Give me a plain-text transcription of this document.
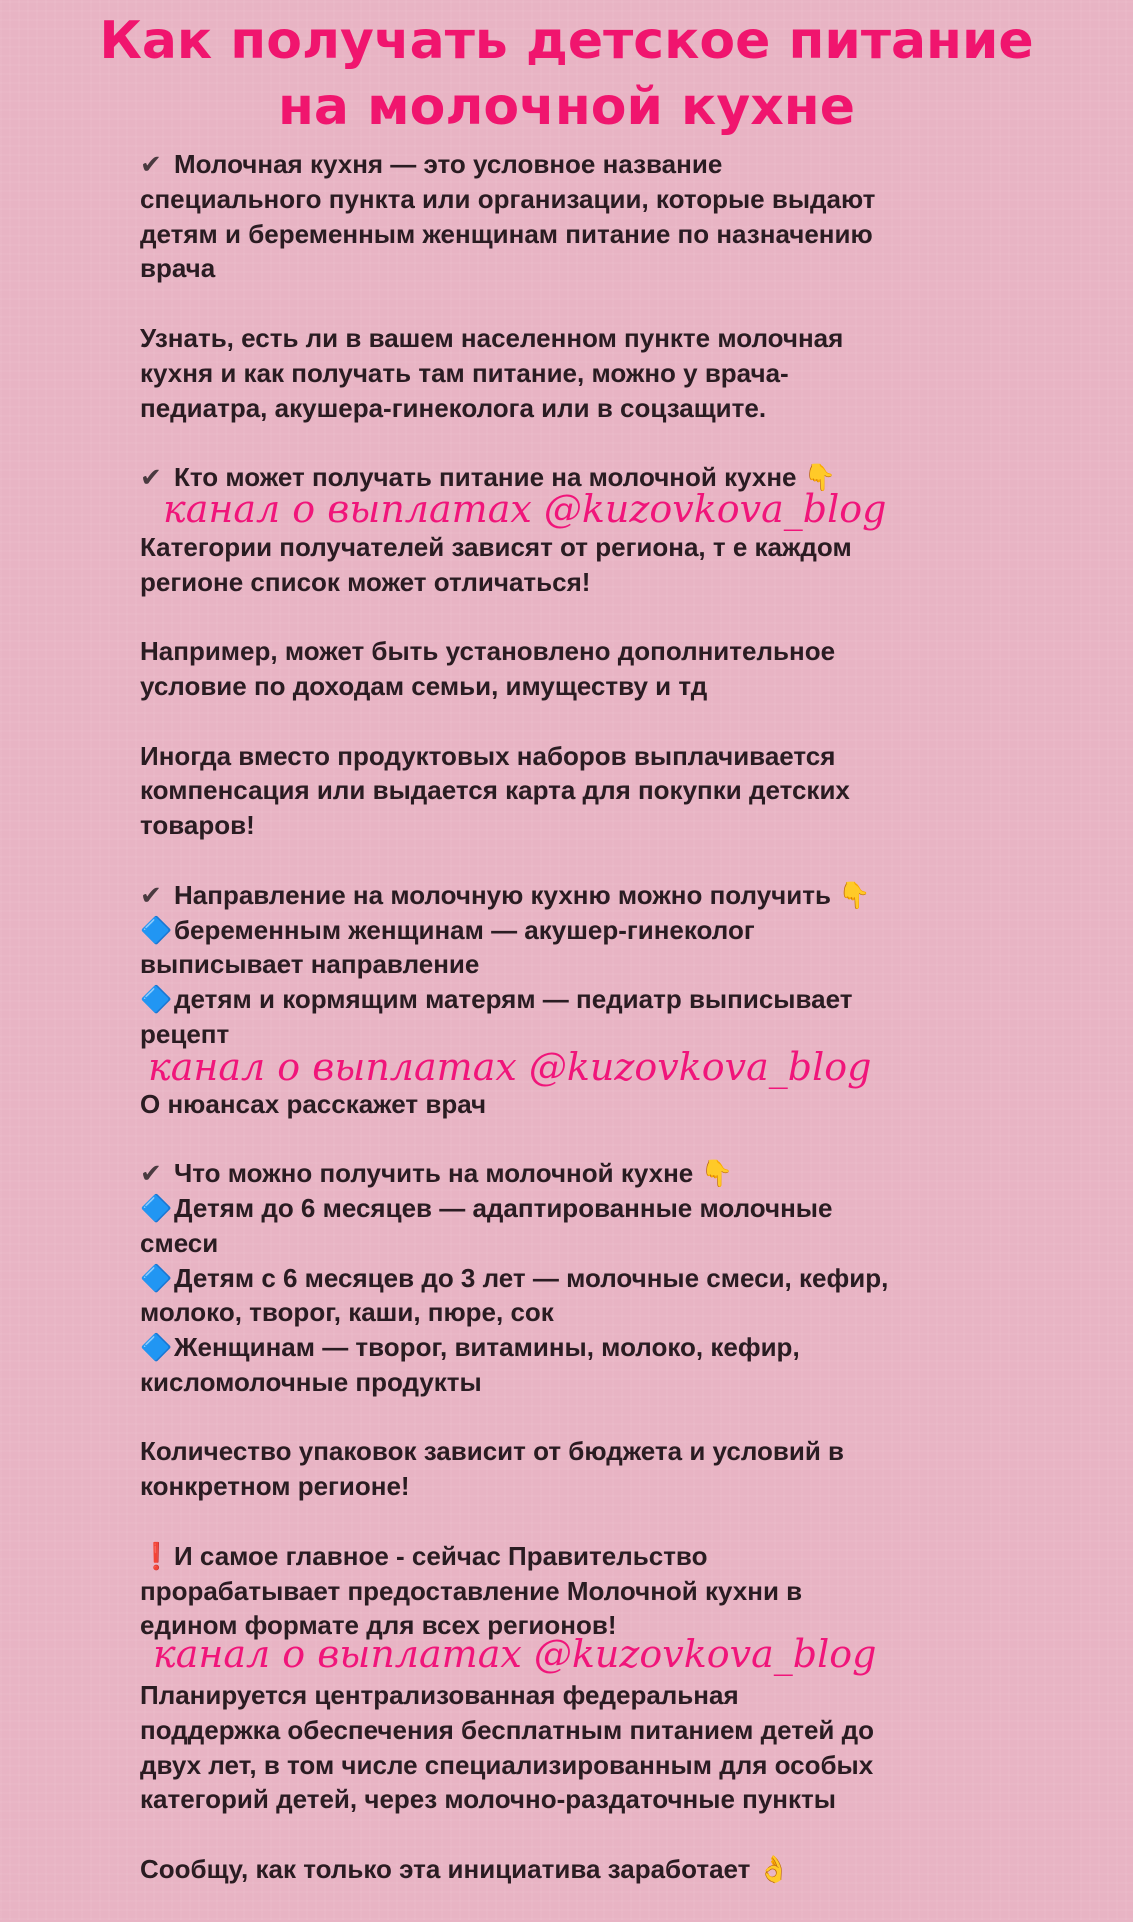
Как получать детское питание
на молочной кухне

✔ Молочная кухня — это условное название
специального пункта или организации, которые выдают
детям и беременным женщинам питание по назначению
врача

Узнать, есть ли в вашем населенном пункте молочная
кухня и как получать там питание, можно у врача-
педиатра, акушера-гинеколога или в соцзащите.

✔ Кто может получать питание на молочной кухне 👇

Категории получателей зависят от региона, т е каждом
регионе список может отличаться!

Например, может быть установлено дополнительное
условие по доходам семьи, имуществу и тд

Иногда вместо продуктовых наборов выплачивается
компенсация или выдается карта для покупки детских
товаров!

✔ Направление на молочную кухню можно получить 👇
🔷беременным женщинам — акушер-гинеколог
выписывает направление
🔷детям и кормящим матерям — педиатр выписывает
рецепт

О нюансах расскажет врач

✔ Что можно получить на молочной кухне 👇
🔷Детям до 6 месяцев — адаптированные молочные
смеси
🔷Детям с 6 месяцев до 3 лет — молочные смеси, кефир,
молоко, творог, каши, пюре, сок
🔷Женщинам — творог, витамины, молоко, кефир,
кисломолочные продукты

Количество упаковок зависит от бюджета и условий в
конкретном регионе!

❗И самое главное - сейчас Правительство
прорабатывает предоставление Молочной кухни в
едином формате для всех регионов!

Планируется централизованная федеральная
поддержка обеспечения бесплатным питанием детей до
двух лет, в том числе специализированным для особых
категорий детей, через молочно-раздаточные пункты

Сообщу, как только эта инициатива заработает 👌

канал о выплатах @kuzovkova_blog
канал о выплатах @kuzovkova_blog
канал о выплатах @kuzovkova_blog
